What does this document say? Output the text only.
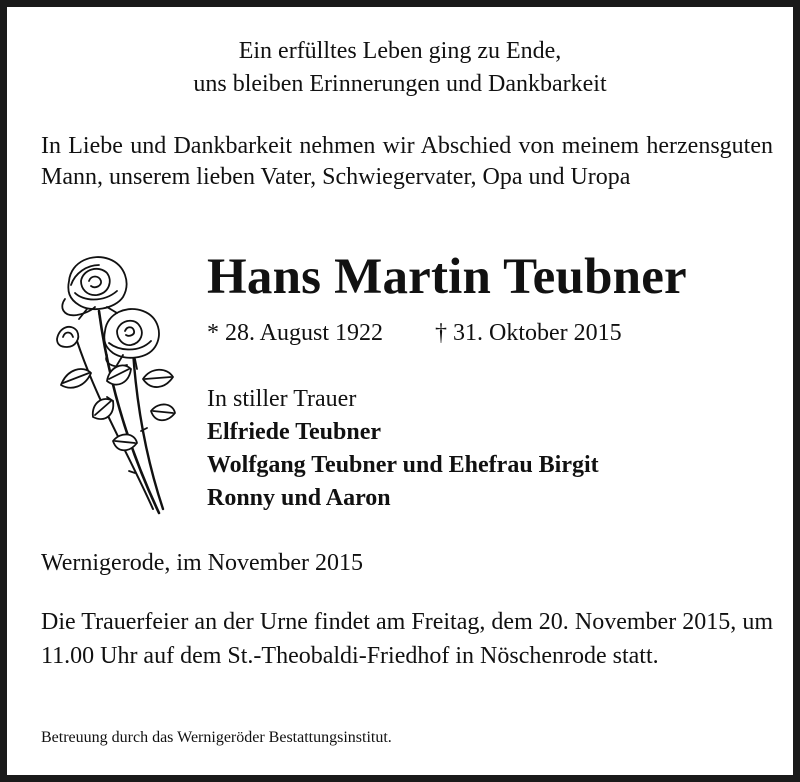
Ein erfülltes Leben ging zu Ende,
uns bleiben Erinnerungen und Dankbarkeit
In Liebe und Dankbarkeit nehmen wir Abschied von meinem herzensguten Mann, unserem lieben Vater, Schwiegervater, Opa und Uropa
Hans Martin Teubner
* 28. August 1922 † 31. Oktober 2015
In stiller Trauer
Elfriede Teubner
Wolfgang Teubner und Ehefrau Birgit
Ronny und Aaron
Wernigerode, im November 2015
Die Trauerfeier an der Urne findet am Freitag, dem 20. November 2015, um 11.00 Uhr auf dem St.-Theobaldi-Friedhof in Nöschenrode statt.
Betreuung durch das Wernigeröder Bestattungsinstitut.
